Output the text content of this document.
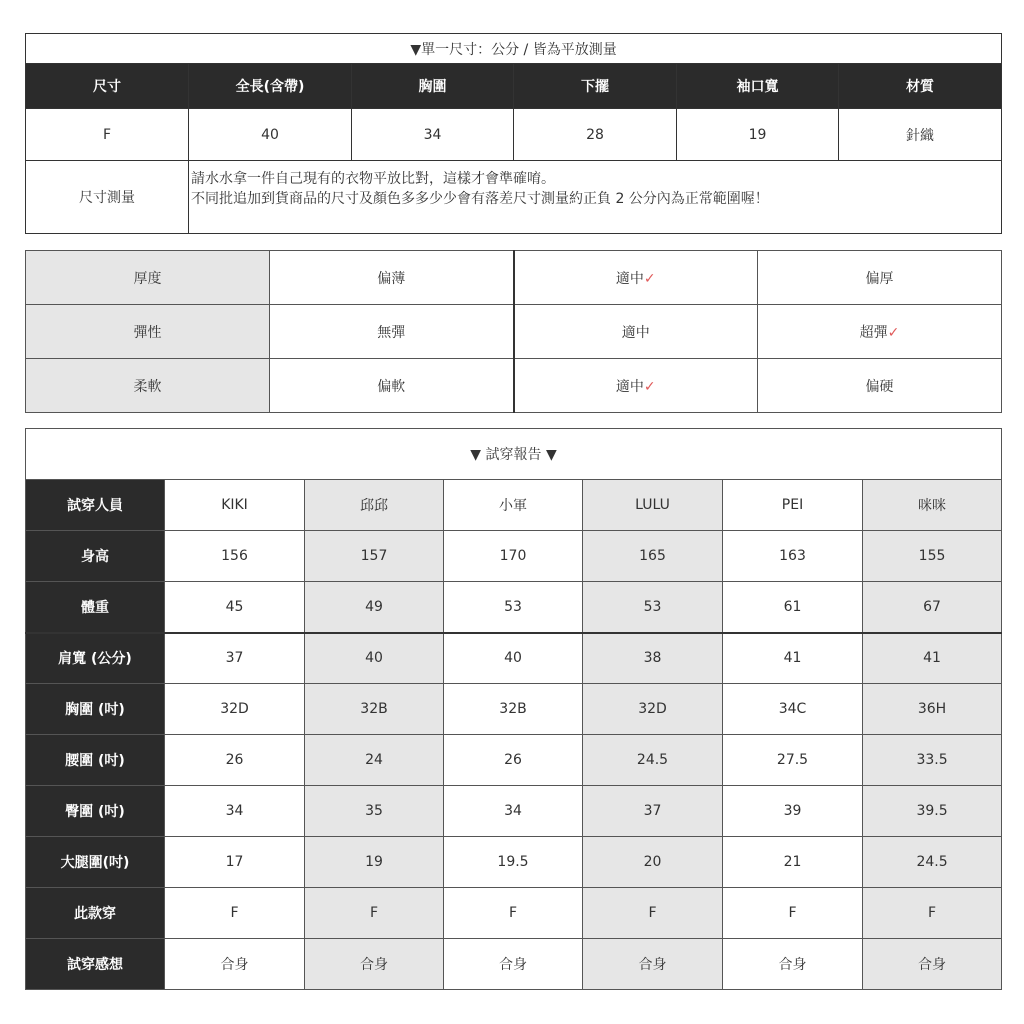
▼單一尺寸：公分 / 皆為平放測量					
尺寸	全長(含帶)	胸圍	下擺	袖口寬	材質
F	40	34	28	19	針織
尺寸測量	請水水拿一件自己現有的衣物平放比對，這樣才會準確唷。
不同批追加到貨商品的尺寸及顏色多多少少會有落差尺寸測量約正負 2 公分內為正常範圍喔！				
厚度	偏薄	適中✓	偏厚
彈性	無彈	適中	超彈✓
柔軟	偏軟	適中✓	偏硬
▼ 試穿報告 ▼						
試穿人員	KIKI	邱邱	小軍	LULU	PEI	咪咪
身高	156	157	170	165	163	155
體重	45	49	53	53	61	67
肩寬 (公分)	37	40	40	38	41	41
胸圍 (吋)	32D	32B	32B	32D	34C	36H
腰圍 (吋)	26	24	26	24.5	27.5	33.5
臀圍 (吋)	34	35	34	37	39	39.5
大腿圍(吋)	17	19	19.5	20	21	24.5
此款穿	F	F	F	F	F	F
試穿感想	合身	合身	合身	合身	合身	合身
